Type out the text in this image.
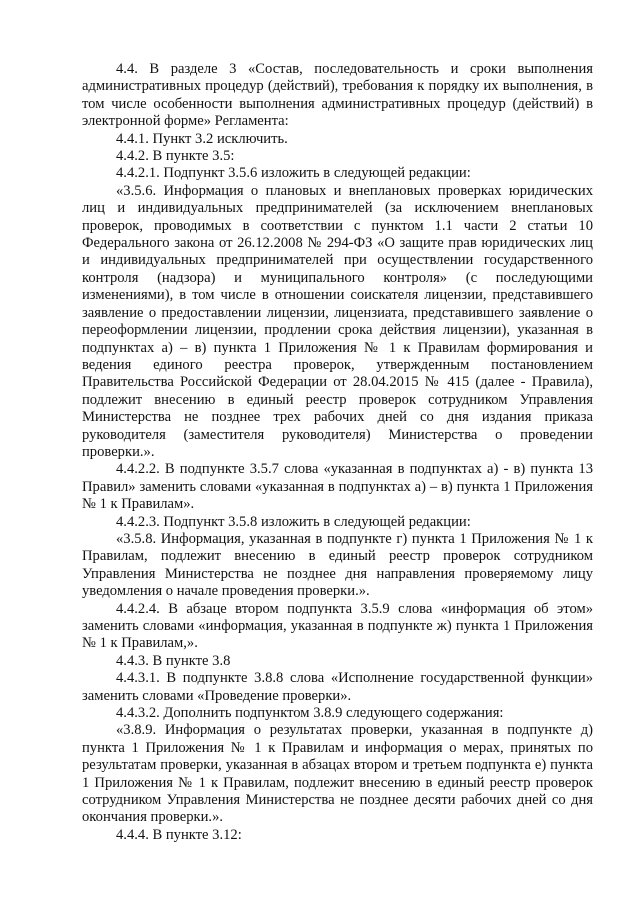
4.4. В разделе 3 «Состав, последовательность и сроки выполнения административных процедур (действий), требования к порядку их выполнения, в том числе особенности выполнения административных процедур (действий) в электронной форме» Регламента:

4.4.1. Пункт 3.2 исключить.

4.4.2. В пункте 3.5:

4.4.2.1. Подпункт 3.5.6 изложить в следующей редакции:

«3.5.6. Информация о плановых и внеплановых проверках юридических лиц и индивидуальных предпринимателей (за исключением внеплановых проверок, проводимых в соответствии с пунктом 1.1 части 2 статьи 10 Федерального закона от 26.12.2008 № 294-ФЗ «О защите прав юридических лиц и индивидуальных предпринимателей при осуществлении государственного контроля (надзора) и муниципального контроля» (с последующими изменениями), в том числе в отношении соискателя лицензии, представившего заявление о предоставлении лицензии, лицензиата, представившего заявление о переоформлении лицензии, продлении срока действия лицензии), указанная в подпунктах а) – в) пункта 1 Приложения № 1 к Правилам формирования и ведения единого реестра проверок, утвержденным постановлением Правительства Российской Федерации от 28.04.2015 № 415 (далее - Правила), подлежит внесению в единый реестр проверок сотрудником Управления Министерства не позднее трех рабочих дней со дня издания приказа руководителя (заместителя руководителя) Министерства о проведении проверки.».

4.4.2.2. В подпункте 3.5.7 слова «указанная в подпунктах а) - в) пункта 13 Правил» заменить словами «указанная в подпунктах а) – в) пункта 1 Приложения № 1 к Правилам».

4.4.2.3. Подпункт 3.5.8 изложить в следующей редакции:

«3.5.8. Информация, указанная в подпункте г) пункта 1 Приложения № 1 к Правилам, подлежит внесению в единый реестр проверок сотрудником Управления Министерства не позднее дня направления проверяемому лицу уведомления о начале проведения проверки.».

4.4.2.4. В абзаце втором подпункта 3.5.9 слова «информация об этом» заменить словами «информация, указанная в подпункте ж) пункта 1 Приложения № 1 к Правилам,».

4.4.3. В пункте 3.8

4.4.3.1. В подпункте 3.8.8 слова «Исполнение государственной функции» заменить словами «Проведение проверки».

4.4.3.2. Дополнить подпунктом 3.8.9 следующего содержания:

«3.8.9. Информация о результатах проверки, указанная в подпункте д) пункта 1 Приложения № 1 к Правилам и информация о мерах, принятых по результатам проверки, указанная в абзацах втором и третьем подпункта е) пункта 1 Приложения № 1 к Правилам, подлежит внесению в единый реестр проверок сотрудником Управления Министерства не позднее десяти рабочих дней со дня окончания проверки.».

4.4.4. В пункте 3.12:
